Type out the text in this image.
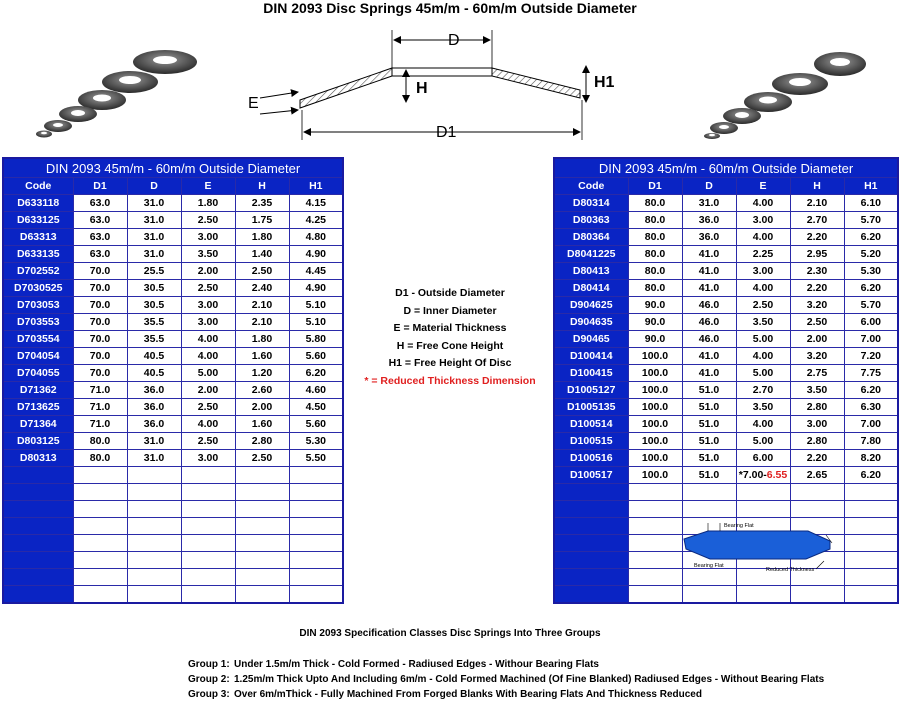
DIN 2093 Disc Springs 45m/m - 60m/m Outside Diameter
D
H	H1
E
D1
DIN 2093 45m/m - 60m/m Outside Diameter					
Code	D1	D	E	H	H1
D633118	63.0	31.0	1.80	2.35	4.15
D633125	63.0	31.0	2.50	1.75	4.25
D63313	63.0	31.0	3.00	1.80	4.80
D633135	63.0	31.0	3.50	1.40	4.90
D702552	70.0	25.5	2.00	2.50	4.45
D7030525	70.0	30.5	2.50	2.40	4.90
D703053	70.0	30.5	3.00	2.10	5.10
D703553	70.0	35.5	3.00	2.10	5.10
D703554	70.0	35.5	4.00	1.80	5.80
D704054	70.0	40.5	4.00	1.60	5.60
D704055	70.0	40.5	5.00	1.20	6.20
D71362	71.0	36.0	2.00	2.60	4.60
D713625	71.0	36.0	2.50	2.00	4.50
D71364	71.0	36.0	4.00	1.60	5.60
D803125	80.0	31.0	2.50	2.80	5.30
D80313	80.0	31.0	3.00	2.50	5.50

DIN 2093 45m/m - 60m/m Outside Diameter					
Code	D1	D	E	H	H1
D80314	80.0	31.0	4.00	2.10	6.10
D80363	80.0	36.0	3.00	2.70	5.70
D80364	80.0	36.0	4.00	2.20	6.20
D8041225	80.0	41.0	2.25	2.95	5.20
D80413	80.0	41.0	3.00	2.30	5.30
D80414	80.0	41.0	4.00	2.20	6.20
D904625	90.0	46.0	2.50	3.20	5.70
D904635	90.0	46.0	3.50	2.50	6.00
D90465	90.0	46.0	5.00	2.00	7.00
D100414	100.0	41.0	4.00	3.20	7.20
D100415	100.0	41.0	5.00	2.75	7.75
D1005127	100.0	51.0	2.70	3.50	6.20
D1005135	100.0	51.0	3.50	2.80	6.30
D100514	100.0	51.0	4.00	3.00	7.00
D100515	100.0	51.0	5.00	2.80	7.80
D100516	100.0	51.0	6.00	2.20	8.20
D100517	100.0	51.0	*7.00-6.55	2.65	6.20

Bearing Flat
Bearing Flat
Reduced Thickness
D1 - Outside Diameter
D = Inner Diameter
E = Material Thickness
H = Free Cone Height
H1 = Free Height Of Disc
* = Reduced Thickness Dimension
DIN 2093 Specification Classes Disc Springs Into Three Groups
Group 1: Under 1.5m/m Thick - Cold Formed - Radiused Edges - Withour Bearing Flats
Group 2: 1.25m/m Thick Upto And Including 6m/m - Cold Formed Machined (Of Fine Blanked) Radiused Edges - Without Bearing Flats
Group 3: Over 6m/mThick - Fully Machined From Forged Blanks With Bearing Flats And Thickness Reduced
